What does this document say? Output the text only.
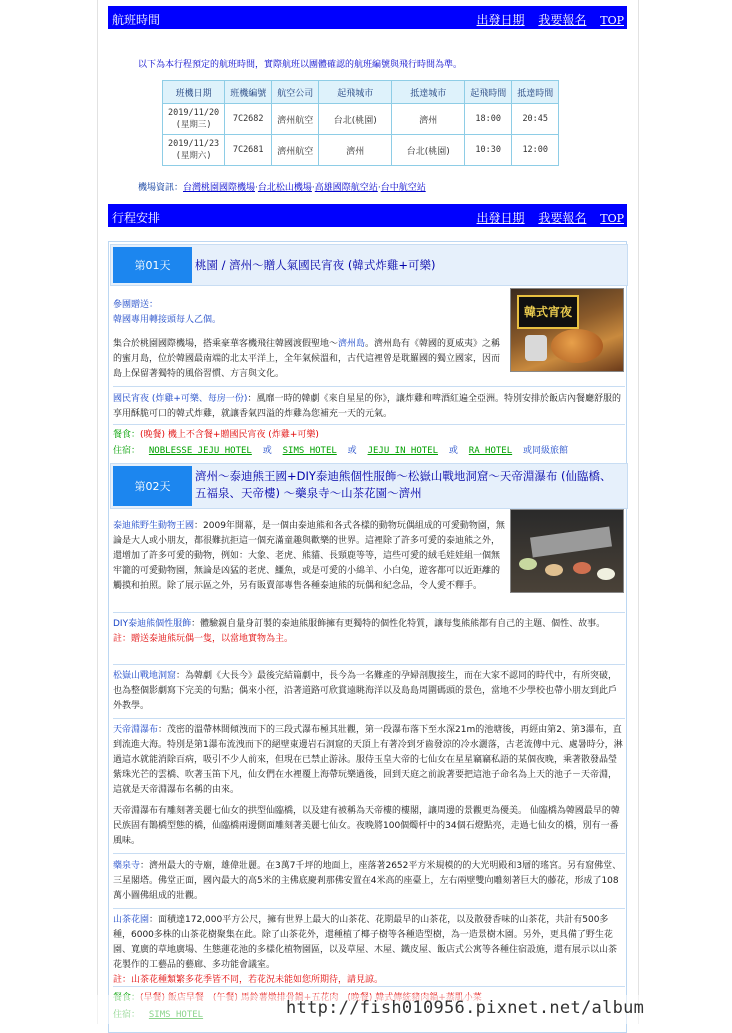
航班時間	出發日期 我要報名 TOP
以下為本行程預定的航班時間，實際航班以團體確認的航班編號與飛行時間為準。
班機日期	班機編號	航空公司	起飛城市	抵達城市	起飛時間	抵達時間

2019/11/20
(星期三)	7C2682	濟州航空	台北(桃園)	濟州	18:00	20:45

2019/11/23
(星期六)	7C2681	濟州航空	濟州	台北(桃園)	10:30	12:00
機場資訊：台灣桃園國際機場‧台北松山機場‧高雄國際航空站‧台中航空站
行程安排	出發日期 我要報名 TOP
第01天	桃園 / 濟州～贈人氣國民宵夜 (韓式炸雞+可樂)
韓式宵夜
參團贈送：
韓國專用轉接頭每人乙個。
集合於桃園國際機場，搭乘豪華客機飛往韓國渡假聖地～濟州島。濟州島有《韓國的夏威夷》之稱的蜜月島，位於韓國最南端的北太平洋上，全年氣候溫和，古代這裡曾是耽羅國的獨立國家，因而島上保留著獨特的風俗習慣、方言與文化。
國民宵夜 (炸雞+可樂、每房一份)：風靡一時的韓劇《來自星星的你》，讓炸雞和啤酒紅遍全亞洲。特別安排於飯店內餐廳舒服的享用酥脆可口的韓式炸雞，就讓香氣四溢的炸雞為您補充一天的元氣。
餐食：(晚餐) 機上不含餐+贈國民宵夜 (炸雞+可樂)
住宿： NOBLESSE JEJU HOTEL 或 SIMS HOTEL 或 JEJU IN HOTEL 或 RA HOTEL 或同級旅館
第02天
濟州～泰迪熊王國+DIY泰迪熊個性服飾～松嶽山戰地洞窟～天帝淵瀑布 (仙臨橋、五福泉、天帝樓) ～藥泉寺～山茶花園～濟州
泰迪熊野生動物王國：2009年開幕，是一個由泰迪熊和各式各樣的動物玩偶組成的可愛動物園，無論是大人或小朋友，都很難抗拒這一個充滿童趣與歡樂的世界。這裡除了許多可愛的泰迪熊之外，還增加了許多可愛的動物，例如：大象、老虎、熊貓、長頸鹿等等，這些可愛的絨毛娃娃組一個無牢籠的可愛動物園，無論是凶猛的老虎、鱷魚，或是可愛的小綿羊、小白兔，遊客都可以近距離的觸摸和拍照。除了展示區之外，另有販賣部專售各種泰迪熊的玩偶和紀念品，令人愛不釋手。
DIY泰迪熊個性服飾：體驗親自量身訂製的泰迪熊服飾擁有更獨特的個性化特質，讓每隻熊熊都有自己的主題、個性、故事。
註：贈送泰迪熊玩偶一隻，以當地實物為主。
松嶽山戰地洞窟：為韓劇《大長今》最後完結篇劇中，長今為一名難產的孕婦剖腹接生，而在大家不認同的時代中，有所突破，也為整個影劇寫下完美的句點；偶來小徑，沿著道路可欣賞遠眺海洋以及島島周圍碼頭的景色，當地不少學校也帶小朋友到此戶外教學。
天帝淵瀑布：茂密的溫帶林間傾洩而下的三段式瀑布極其壯觀，第一段瀑布落下至水深21m的池塘後，再經由第2、第3瀑布，直到流進大海。特別是第1瀑布流洩而下的絕壁東邊岩石洞窟的天頂上有著冷到牙齒發涼的冷水灑落，古老流傳中元、處暑時分，淋過這水就能消除百病，吸引不少人前來，但現在已禁止游泳。服侍玉皇大帝的七仙女在星星竊竊私語的某個夜晚，乘著散發晶瑩紫珠光芒的雲橋、吹著玉笛下凡，仙女們在水裡覆上海帶玩樂過後，回到天庭之前說著要把這池子命名為上天的池子－天帝淵，這就是天帝淵瀑布名稱的由來。
天帝淵瀑布有雕刻著美麗七仙女的拱型仙臨橋，以及建有被稱為天帝樓的樓閣，讓周邊的景觀更為優美。 仙臨橋為韓國最早的韓民族固有鵲橋型態的橋，仙臨橋兩邊側面雕刻著美麗七仙女。夜晚將100個燭杆中的34個石燈點亮，走過七仙女的橋，別有一番風味。
藥泉寺：濟州最大的寺廟，雄偉壯麗。在3萬7千坪的地面上，座落著2652平方米規模的的大光明殿和3層的瑤宮。另有窟佛堂、三星閣塔。佛堂正面，國內最大的高5米的主佛底慶剎那佛安置在4米高的座臺上，左右兩壁雙向雕刻著巨大的藤花，形成了108萬小圖佛組成的壯觀。
山茶花園：面積達172,000平方公尺，擁有世界上最大的山茶花、花期最早的山茶花，以及散發香味的山茶花，共計有500多種，6000多株的山茶花樹聚集在此。除了山茶花外，還種植了椰子樹等各種造型樹，為一造景樹木園。另外，更具備了野生花園、寬廣的草地廣場、生態蓮花池的多樣化植物園區，以及草屋、木屋、鐵皮屋、飯店式公寓等各種住宿設施，還有展示以山茶花製作的工藝品的藝廊、多功能會議室。
註：山茶花種類繁多花季皆不同，若花況未能如您所期待，請見諒。
http://fish010956.pixnet.net/album
